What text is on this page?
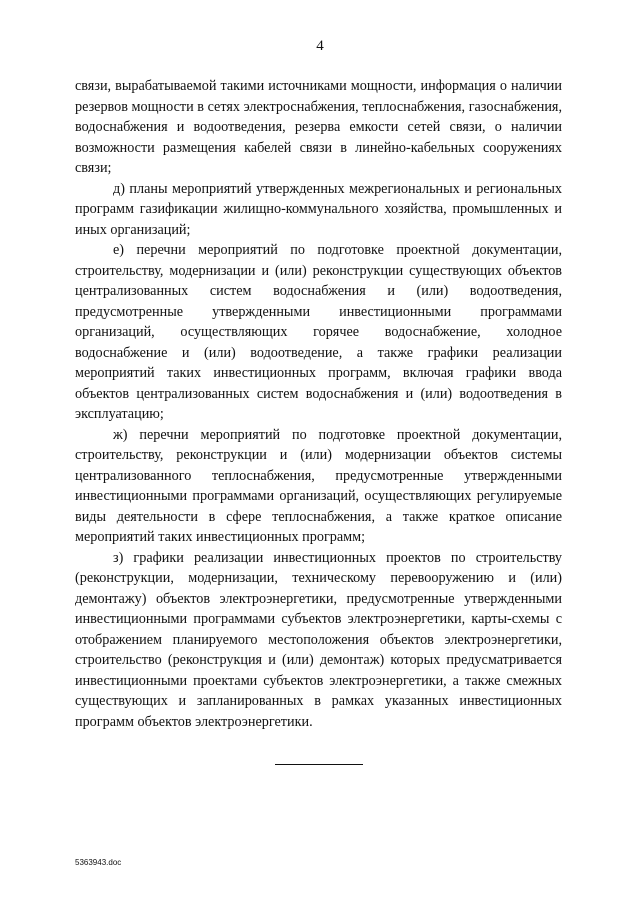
4

связи, вырабатываемой такими источниками мощности, информация о наличии резервов мощности в сетях электроснабжения, теплоснабжения, газоснабжения, водоснабжения и водоотведения, резерва емкости сетей связи, о наличии возможности размещения кабелей связи в линейно-кабельных сооружениях связи;

д) планы мероприятий утвержденных межрегиональных и региональных программ газификации жилищно-коммунального хозяйства, промышленных и иных организаций;

е) перечни мероприятий по подготовке проектной документации, строительству, модернизации и (или) реконструкции существующих объектов централизованных систем водоснабжения и (или) водоотведения, предусмотренные утвержденными инвестиционными программами организаций, осуществляющих горячее водоснабжение, холодное водоснабжение и (или) водоотведение, а также графики реализации мероприятий таких инвестиционных программ, включая графики ввода объектов централизованных систем водоснабжения и (или) водоотведения в эксплуатацию;

ж) перечни мероприятий по подготовке проектной документации, строительству, реконструкции и (или) модернизации объектов системы централизованного теплоснабжения, предусмотренные утвержденными инвестиционными программами организаций, осуществляющих регулируемые виды деятельности в сфере теплоснабжения, а также краткое описание мероприятий таких инвестиционных программ;

з) графики реализации инвестиционных проектов по строительству (реконструкции, модернизации, техническому перевооружению и (или) демонтажу) объектов электроэнергетики, предусмотренные утвержденными инвестиционными программами субъектов электроэнергетики, карты-схемы с отображением планируемого местоположения объектов электроэнергетики, строительство (реконструкция и (или) демонтаж) которых предусматривается инвестиционными проектами субъектов электроэнергетики, а также смежных существующих и запланированных в рамках указанных инвестиционных программ объектов электроэнергетики.

5363943.doc
